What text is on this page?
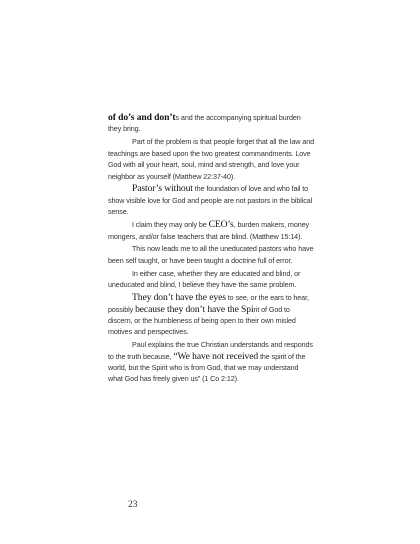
of do’s and don’ts and the accompanying spiritual burden they bring.

Part of the problem is that people forget that all the law and teachings are based upon the two greatest commandments. Love God with all your heart, soul, mind and strength, and love your neighbor as yourself (Matthew 22:37-40).

Pastor’s without the foundation of love and who fail to show visible love for God and people are not pastors in the biblical sense.

I claim they may only be CEO’s, burden makers, money mongers, and/or false teachers that are blind. (Matthew 15:14).

This now leads me to all the uneducated pastors who have been self taught, or have been taught a doctrine full of error.

In either case, whether they are educated and blind, or uneducated and blind, I believe they have the same problem.

They don’t have the eyes to see, or the ears to hear, possibly because they don’t have the Spirit of God to discern, or the humbleness of being open to their own misled motives and perspectives.

Paul explains the true Christian understands and responds to the truth because, “We have not received the spirit of the world, but the Spirit who is from God, that we may understand what God has freely given us” (1 Co 2:12).

23
